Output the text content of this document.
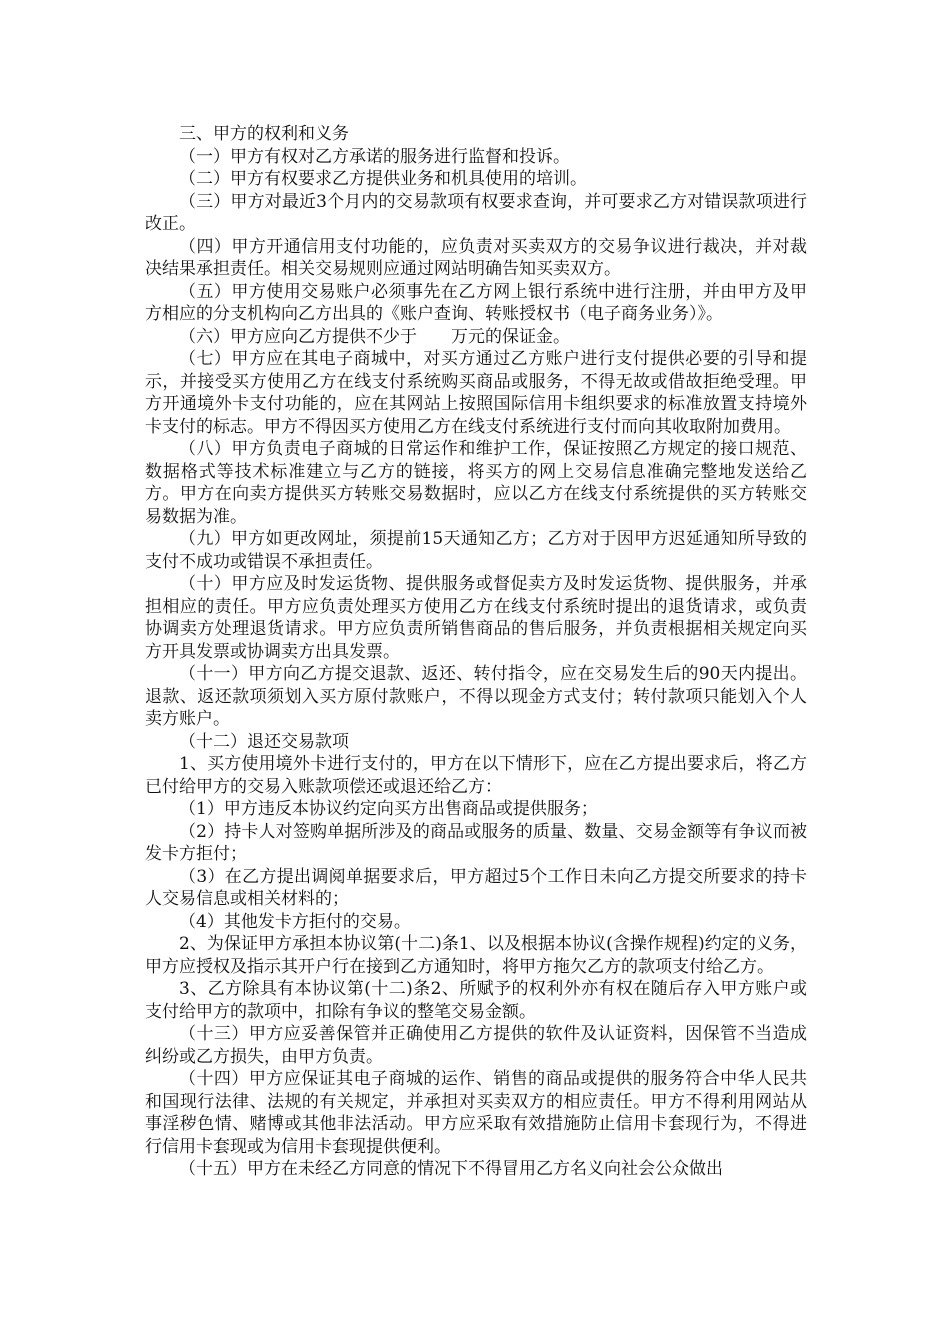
三、甲方的权利和义务

（一）甲方有权对乙方承诺的服务进行监督和投诉。

（二）甲方有权要求乙方提供业务和机具使用的培训。

（三）甲方对最近3个月内的交易款项有权要求查询，并可要求乙方对错误款项进行改正。

（四）甲方开通信用支付功能的，应负责对买卖双方的交易争议进行裁决，并对裁决结果承担责任。相关交易规则应通过网站明确告知买卖双方。

（五）甲方使用交易账户必须事先在乙方网上银行系统中进行注册，并由甲方及甲方相应的分支机构向乙方出具的《账户查询、转账授权书（电子商务业务）》。

（六）甲方应向乙方提供不少于　　万元的保证金。

（七）甲方应在其电子商城中，对买方通过乙方账户进行支付提供必要的引导和提示，并接受买方使用乙方在线支付系统购买商品或服务，不得无故或借故拒绝受理。甲方开通境外卡支付功能的，应在其网站上按照国际信用卡组织要求的标准放置支持境外卡支付的标志。甲方不得因买方使用乙方在线支付系统进行支付而向其收取附加费用。

（八）甲方负责电子商城的日常运作和维护工作，保证按照乙方规定的接口规范、数据格式等技术标准建立与乙方的链接，将买方的网上交易信息准确完整地发送给乙方。甲方在向卖方提供买方转账交易数据时，应以乙方在线支付系统提供的买方转账交易数据为准。

（九）甲方如更改网址，须提前15天通知乙方；乙方对于因甲方迟延通知所导致的支付不成功或错误不承担责任。

（十）甲方应及时发运货物、提供服务或督促卖方及时发运货物、提供服务，并承担相应的责任。甲方应负责处理买方使用乙方在线支付系统时提出的退货请求，或负责协调卖方处理退货请求。甲方应负责所销售商品的售后服务，并负责根据相关规定向买方开具发票或协调卖方出具发票。

（十一）甲方向乙方提交退款、返还、转付指令，应在交易发生后的90天内提出。退款、返还款项须划入买方原付款账户，不得以现金方式支付；转付款项只能划入个人卖方账户。

（十二）退还交易款项

1、买方使用境外卡进行支付的，甲方在以下情形下，应在乙方提出要求后，将乙方已付给甲方的交易入账款项偿还或退还给乙方：

（1）甲方违反本协议约定向买方出售商品或提供服务；

（2）持卡人对签购单据所涉及的商品或服务的质量、数量、交易金额等有争议而被发卡方拒付；

（3）在乙方提出调阅单据要求后，甲方超过5个工作日未向乙方提交所要求的持卡人交易信息或相关材料的；

（4）其他发卡方拒付的交易。

2、为保证甲方承担本协议第(十二)条1、以及根据本协议(含操作规程)约定的义务，甲方应授权及指示其开户行在接到乙方通知时，将甲方拖欠乙方的款项支付给乙方。

3、乙方除具有本协议第(十二)条2、所赋予的权利外亦有权在随后存入甲方账户或支付给甲方的款项中，扣除有争议的整笔交易金额。

（十三）甲方应妥善保管并正确使用乙方提供的软件及认证资料，因保管不当造成纠纷或乙方损失，由甲方负责。

（十四）甲方应保证其电子商城的运作、销售的商品或提供的服务符合中华人民共和国现行法律、法规的有关规定，并承担对买卖双方的相应责任。甲方不得利用网站从事淫秽色情、赌博或其他非法活动。甲方应采取有效措施防止信用卡套现行为，不得进行信用卡套现或为信用卡套现提供便利。

（十五）甲方在未经乙方同意的情况下不得冒用乙方名义向社会公众做出
